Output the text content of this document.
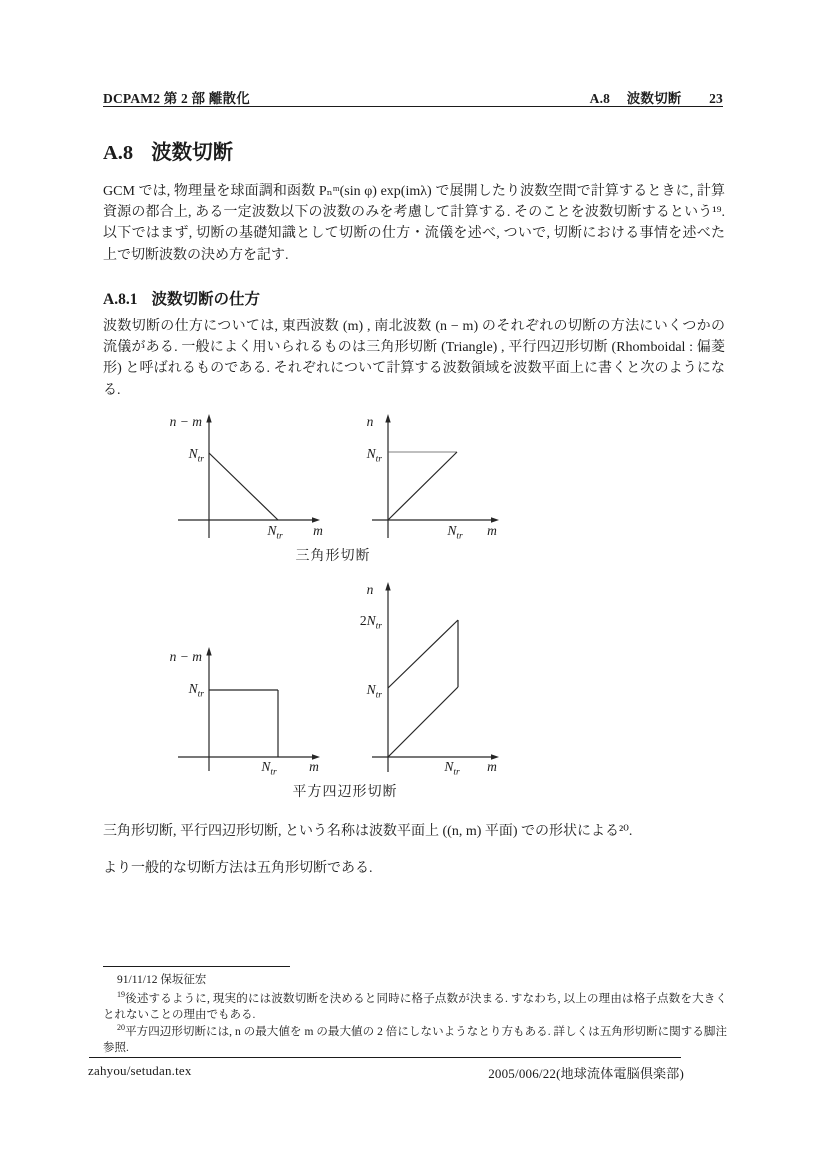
DCPAM2 第 2 部 離散化	A.8 波数切断 23
A.8 波数切断
GCM では, 物理量を球面調和函数 Pₙᵐ(sin φ) exp(imλ) で展開したり波数空間で計算するときに, 計算資源の都合上, ある一定波数以下の波数のみを考慮して計算する. そのことを波数切断するという¹⁹.　以下ではまず, 切断の基礎知識として切断の仕方・流儀を述べ, ついで, 切断における事情を述べた上で切断波数の決め方を記す.
A.8.1 波数切断の仕方
波数切断の仕方については, 東西波数 (m) , 南北波数 (n − m) のそれぞれの切断の方法にいくつかの流儀がある. 一般によく用いられるものは三角形切断 (Triangle) , 平行四辺形切断 (Rhomboidal : 偏菱形) と呼ばれるものである. それぞれについて計算する波数領域を波数平面上に書くと次のようになる.
n − m
$N_{tr}$
$N_{tr}$	m
n
$N_{tr}$
$N_{tr}$	m
三角形切断
n
$2N_{tr}$
$N_{tr}$
$N_{tr}$	m
n − m
$N_{tr}$
$N_{tr}$	m
平方四辺形切断
三角形切断, 平行四辺形切断, という名称は波数平面上 ((n, m) 平面) での形状による²⁰.
より一般的な切断方法は五角形切断である.
91/11/12 保坂征宏
$^{19}$後述するように, 現実的には波数切断を決めると同時に格子点数が決まる. すなわち, 以上の理由は格子点数を大きくとれないことの理由でもある.
$^{20}$平方四辺形切断には, n の最大値を m の最大値の 2 倍にしないようなとり方もある. 詳しくは五角形切断に関する脚注参照.
zahyou/setudan.tex	2005/006/22(地球流体電脳倶楽部)
